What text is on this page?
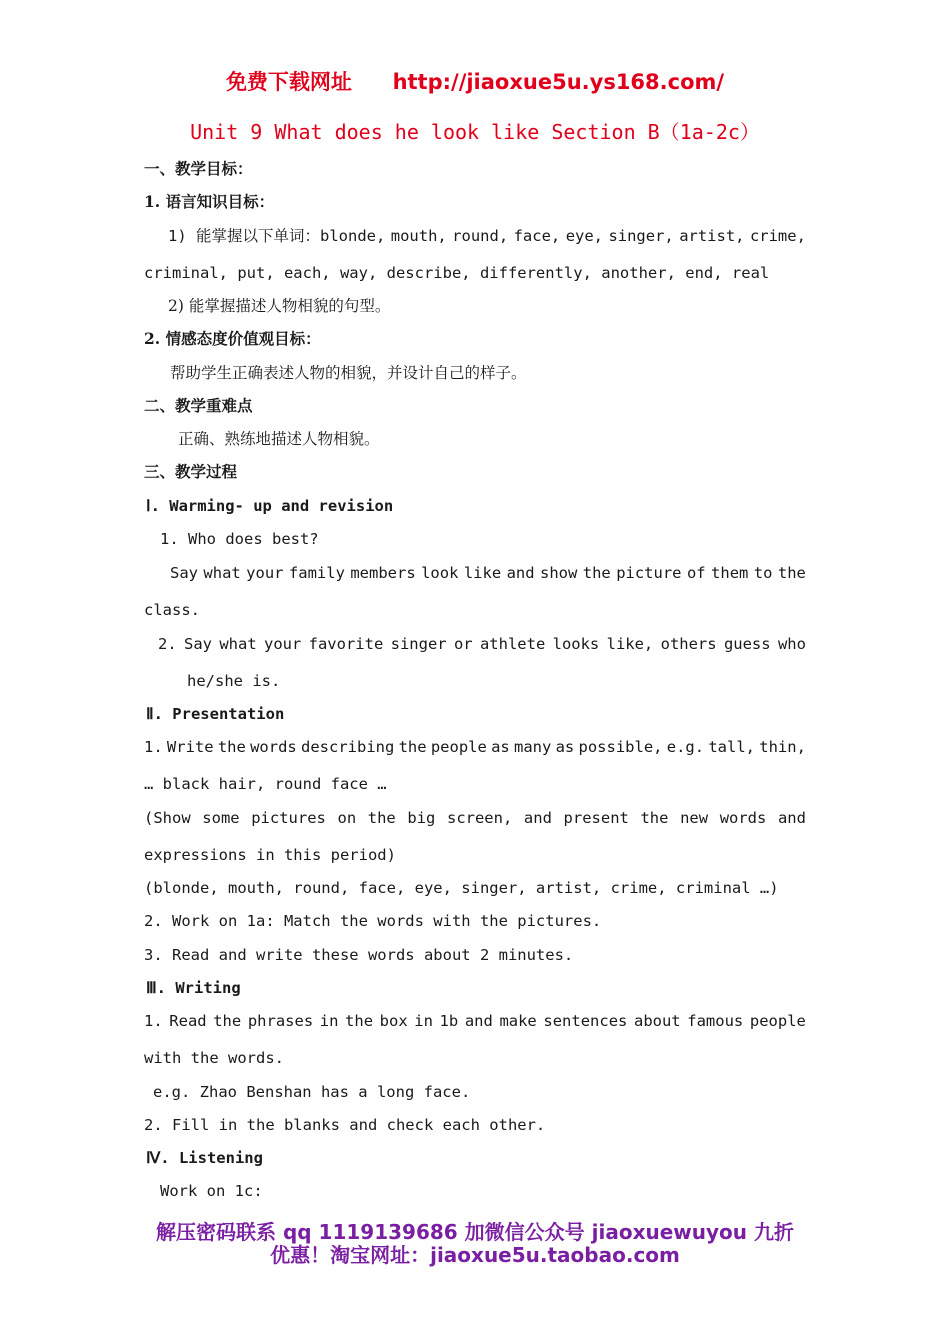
免费下载网址 http://jiaoxue5u.ys168.com/
Unit 9 What does he look like Section B（1a-2c）
一、教学目标：
1. 语言知识目标：
1) 能掌握以下单词：blonde, mouth, round, face, eye, singer, artist, crime,
criminal, put, each, way, describe, differently, another, end, real
2) 能掌握描述人物相貌的句型。
2. 情感态度价值观目标：
帮助学生正确表述人物的相貌，并设计自己的样子。
二、教学重难点
正确、熟练地描述人物相貌。
三、教学过程
Ⅰ. Warming- up and revision
1. Who does best?
Say what your family members look like and show the picture of them to the
class.
2. Say what your favorite singer or athlete looks like, others guess who
he/she is.
Ⅱ. Presentation
1. Write the words describing the people as many as possible, e.g. tall, thin,
… black hair, round face …
(Show some pictures on the big screen, and present the new words and
expressions in this period)
(blonde, mouth, round, face, eye, singer, artist, crime, criminal …)
2. Work on 1a: Match the words with the pictures.
3. Read and write these words about 2 minutes.
Ⅲ. Writing
1. Read the phrases in the box in 1b and make sentences about famous people
with the words.
e.g. Zhao Benshan has a long face.
2. Fill in the blanks and check each other.
Ⅳ. Listening
Work on 1c:
解压密码联系 qq 1119139686 加微信公众号 jiaoxuewuyou 九折
优惠！淘宝网址：jiaoxue5u.taobao.com
